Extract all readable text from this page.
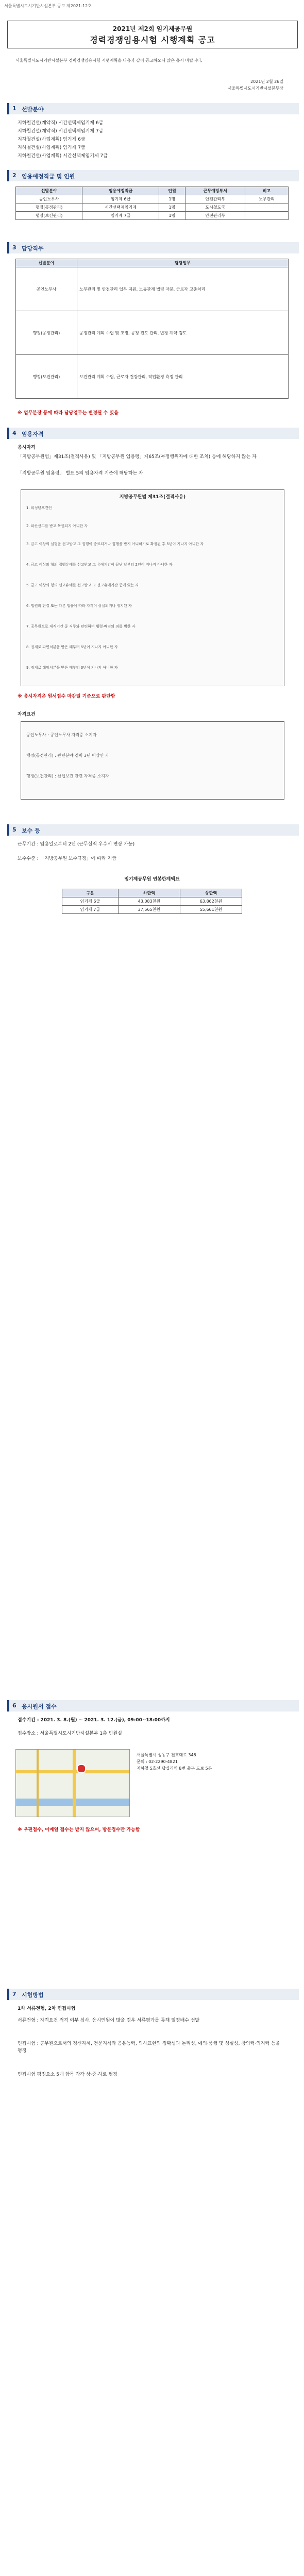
서울특별시도시기반시설본부 공고 제2021-12호
2021년 제2회 임기제공무원
경력경쟁임용시험 시행계획 공고
서울특별시도시기반시설본부 경력경쟁임용시험 시행계획을 다음과 같이 공고하오니 많은 응시 바랍니다.
2021년 2월 26일
서울특별시도시기반시설본부장
1 선발분야
지하철건설(계약직) 시간선택제임기제 6급
지하철건설(계약직) 시간선택제임기제 7급
지하철건설(사업계획) 임기제 6급
지하철건설(사업계획) 임기제 7급
지하철건설(사업계획) 시간선택제임기제 7급
2 임용예정직급 및 인원
선발분야	임용예정직급	인원	근무예정부서	비고
공인노무사	임기제 6급	1명	안전관리부	노무관리
행정(공정관리)	시간선택제임기제	1명	도시철도국	
행정(보건관리)	임기제 7급	1명	안전관리부	
3 담당직무
선발분야	담당업무
공인노무사	노무관리 및 안전관리 업무 지원, 노동관계 법령 자문, 근로자 고충처리
행정(공정관리)	공정관리 계획 수립 및 조정, 공정 진도 관리, 변경 계약 검토
행정(보건관리)	보건관리 계획 수립, 근로자 건강관리, 작업환경 측정 관리
※ 업무분장 등에 따라 담당업무는 변경될 수 있음
4 임용자격
응시자격
「지방공무원법」제31조(결격사유) 및 「지방공무원 임용령」제65조(부정행위자에 대한 조치) 등에 해당하지 않는 자
「지방공무원 임용령」 별표 5의 임용자격 기준에 해당하는 자
지방공무원법 제31조(결격사유)
1. 피성년후견인
2. 파산선고를 받고 복권되지 아니한 자
3. 금고 이상의 실형을 선고받고 그 집행이 종료되거나 집행을 받지 아니하기로 확정된 후 5년이 지나지 아니한 자
4. 금고 이상의 형의 집행유예를 선고받고 그 유예기간이 끝난 날부터 2년이 지나지 아니한 자
5. 금고 이상의 형의 선고유예를 선고받고 그 선고유예기간 중에 있는 자
6. 법원의 판결 또는 다른 법률에 따라 자격이 상실되거나 정지된 자
7. 공무원으로 재직기간 중 직무와 관련하여 횡령·배임의 죄를 범한 자
8. 징계로 파면처분을 받은 때부터 5년이 지나지 아니한 자
9. 징계로 해임처분을 받은 때부터 3년이 지나지 아니한 자
※ 응시자격은 원서접수 마감일 기준으로 판단함
자격요건
공인노무사 : 공인노무사 자격증 소지자
행정(공정관리) : 관련분야 경력 3년 이상인 자
행정(보건관리) : 산업보건 관련 자격증 소지자
5 보수 등
근무기간 : 임용일로부터 2년 (근무실적 우수시 연장 가능)
보수수준 : 「지방공무원 보수규정」에 따라 지급
임기제공무원 연봉한계액표
구분	하한액	상한액
임기제 6급	43,083천원	63,862천원
임기제 7급	37,565천원	55,661천원
6 응시원서 접수
접수기간 : 2021. 3. 8.(월) ~ 2021. 3. 12.(금), 09:00~18:00까지
접수장소 : 서울특별시도시기반시설본부 1층 민원실
서울특별시 성동구 천호대로 346
문의 : 02-2290-4821
지하철 5호선 답십리역 8번 출구 도보 5분
※ 우편접수, 이메일 접수는 받지 않으며, 방문접수만 가능함
7 시험방법
1차 서류전형, 2차 면접시험
서류전형 : 자격요건 적격 여부 심사, 응시인원이 많을 경우 서류평가를 통해 일정배수 선발
면접시험 : 공무원으로서의 정신자세, 전문지식과 응용능력, 의사표현의 정확성과 논리성, 예의·품행 및 성실성, 창의력·의지력 등을 평정
면접시험 평정요소 5개 항목 각각 상·중·하로 평정
